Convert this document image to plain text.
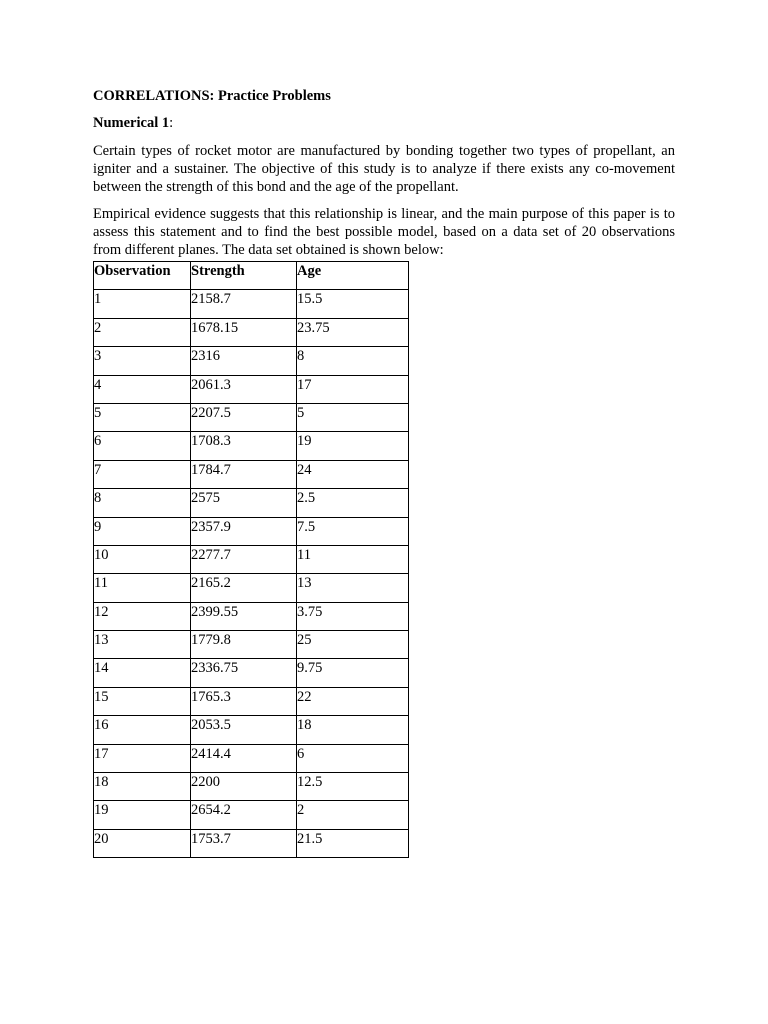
CORRELATIONS: Practice Problems

Numerical 1:

Certain types of rocket motor are manufactured by bonding together two types of propellant, an igniter and a sustainer. The objective of this study is to analyze if there exists any co-movement between the strength of this bond and the age of the propellant.

Empirical evidence suggests that this relationship is linear, and the main purpose of this paper is to assess this statement and to find the best possible model, based on a data set of 20 observations from different planes. The data set obtained is shown below:

Observation	Strength	Age
1	2158.7	15.5
2	1678.15	23.75
3	2316	8
4	2061.3	17
5	2207.5	5
6	1708.3	19
7	1784.7	24
8	2575	2.5
9	2357.9	7.5
10	2277.7	11
11	2165.2	13
12	2399.55	3.75
13	1779.8	25
14	2336.75	9.75
15	1765.3	22
16	2053.5	18
17	2414.4	6
18	2200	12.5
19	2654.2	2
20	1753.7	21.5
